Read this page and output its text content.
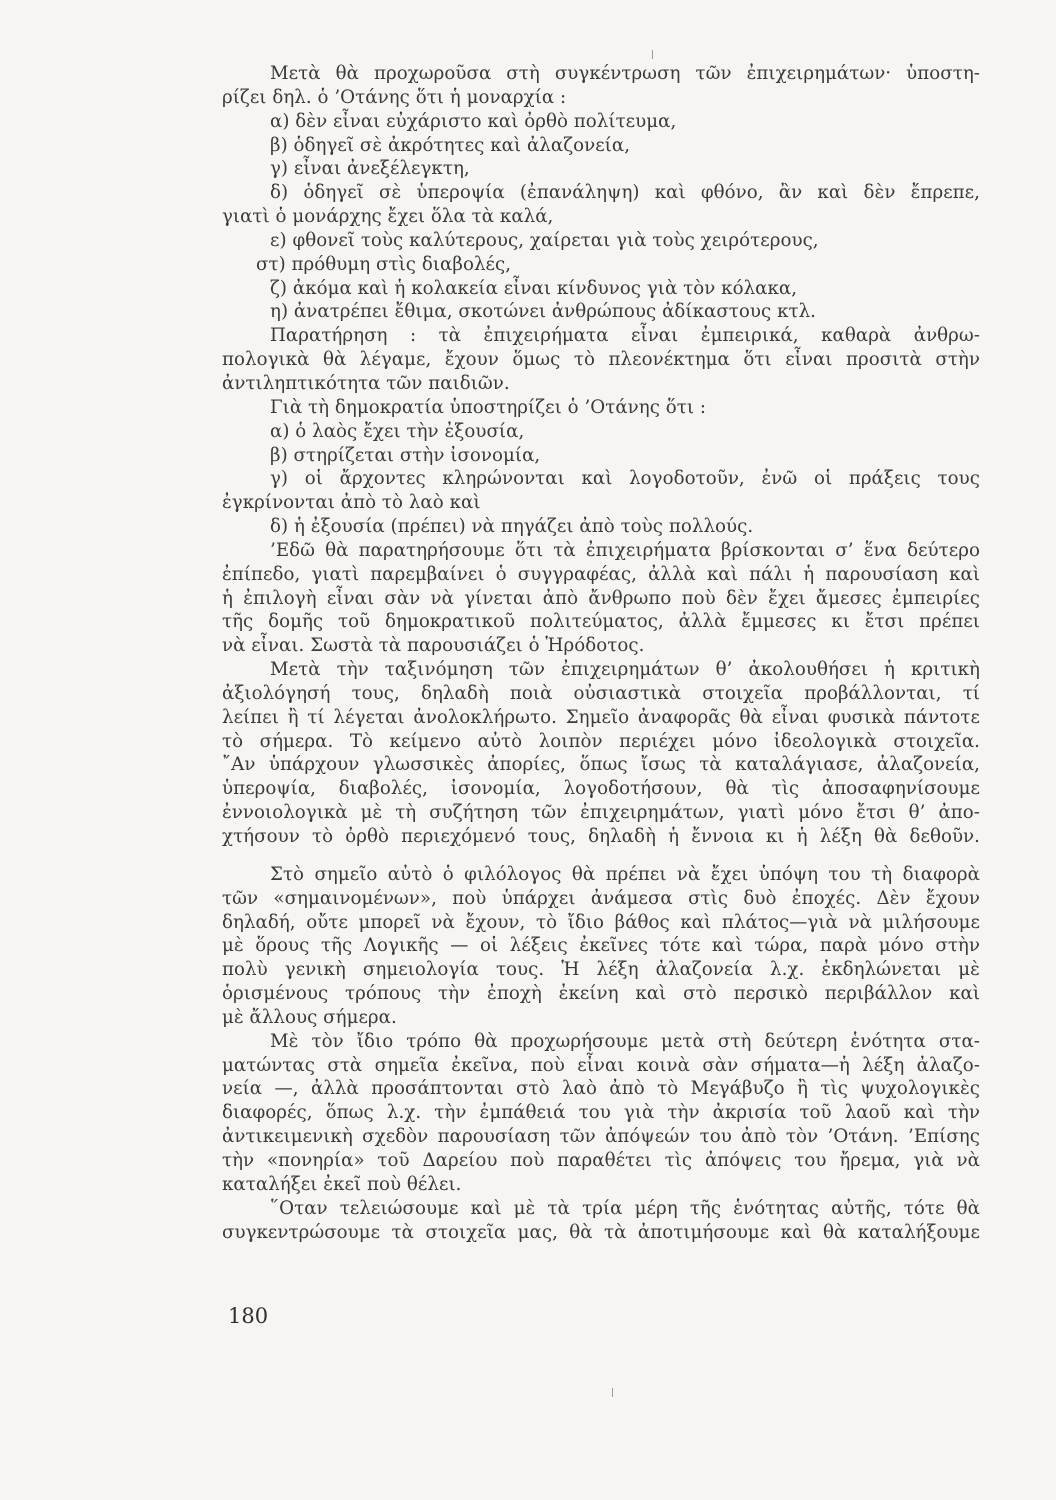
Μετὰ θὰ προχωροῦσα στὴ συγκέντρωση τῶν ἐπιχειρημάτων· ὑποστη-
ρίζει δηλ. ὁ ’Οτάνης ὅτι ἡ μοναρχία :
α) δὲν εἶναι εὐχάριστο καὶ ὀρθὸ πολίτευμα,
β) ὁδηγεῖ σὲ ἀκρότητες καὶ ἀλαζονεία,
γ) εἶναι ἀνεξέλεγκτη,
δ) ὁδηγεῖ σὲ ὑπεροψία (ἐπανάληψη) καὶ φθόνο, ἂν καὶ δὲν ἔπρεπε,
γιατὶ ὁ μονάρχης ἔχει ὅλα τὰ καλά,
ε) φθονεῖ τοὺς καλύτερους, χαίρεται γιὰ τοὺς χειρότερους,
στ) πρόθυμη στὶς διαβολές,
ζ) ἀκόμα καὶ ἡ κολακεία εἶναι κίνδυνος γιὰ τὸν κόλακα,
η) ἀνατρέπει ἔθιμα, σκοτώνει ἀνθρώπους ἀδίκαστους κτλ.
Παρατήρηση : τὰ ἐπιχειρήματα εἶναι ἐμπειρικά, καθαρὰ ἀνθρω-
πολογικὰ θὰ λέγαμε, ἔχουν ὅμως τὸ πλεονέκτημα ὅτι εἶναι προσιτὰ στὴν
ἀντιληπτικότητα τῶν παιδιῶν.
Γιὰ τὴ δημοκρατία ὑποστηρίζει ὁ ’Οτάνης ὅτι :
α) ὁ λαὸς ἔχει τὴν ἐξουσία,
β) στηρίζεται στὴν ἰσονομία,
γ) οἱ ἄρχοντες κληρώνονται καὶ λογοδοτοῦν, ἐνῶ οἱ πράξεις τους
ἐγκρίνονται ἀπὸ τὸ λαὸ καὶ
δ) ἡ ἐξουσία (πρέπει) νὰ πηγάζει ἀπὸ τοὺς πολλούς.
’Εδῶ θὰ παρατηρήσουμε ὅτι τὰ ἐπιχειρήματα βρίσκονται σ’ ἕνα δεύτερο
ἐπίπεδο, γιατὶ παρεμβαίνει ὁ συγγραφέας, ἀλλὰ καὶ πάλι ἡ παρουσίαση καὶ
ἡ ἐπιλογὴ εἶναι σὰν νὰ γίνεται ἀπὸ ἄνθρωπο ποὺ δὲν ἔχει ἄμεσες ἐμπειρίες
τῆς δομῆς τοῦ δημοκρατικοῦ πολιτεύματος, ἀλλὰ ἔμμεσες κι ἔτσι πρέπει
νὰ εἶναι. Σωστὰ τὰ παρουσιάζει ὁ Ἡρόδοτος.
Μετὰ τὴν ταξινόμηση τῶν ἐπιχειρημάτων θ’ ἀκολουθήσει ἡ κριτικὴ
ἀξιολόγησή τους, δηλαδὴ ποιὰ οὐσιαστικὰ στοιχεῖα προβάλλονται, τί
λείπει ἢ τί λέγεται ἀνολοκλήρωτο. Σημεῖο ἀναφορᾶς θὰ εἶναι φυσικὰ πάντοτε
τὸ σήμερα. Τὸ κείμενο αὐτὸ λοιπὸν περιέχει μόνο ἰδεολογικὰ στοιχεῖα.
῎Αν ὑπάρχουν γλωσσικὲς ἀπορίες, ὅπως ἴσως τὰ καταλάγιασε, ἀλαζονεία,
ὑπεροψία, διαβολές, ἰσονομία, λογοδοτήσουν, θὰ τὶς ἀποσαφηνίσουμε
ἐννοιολογικὰ μὲ τὴ συζήτηση τῶν ἐπιχειρημάτων, γιατὶ μόνο ἔτσι θ’ ἀπο-
χτήσουν τὸ ὀρθὸ περιεχόμενό τους, δηλαδὴ ἡ ἔννοια κι ἡ λέξη θὰ δεθοῦν.
Στὸ σημεῖο αὐτὸ ὁ φιλόλογος θὰ πρέπει νὰ ἔχει ὑπόψη του τὴ διαφορὰ
τῶν «σημαινομένων», ποὺ ὑπάρχει ἀνάμεσα στὶς δυὸ ἐποχές. Δὲν ἔχουν
δηλαδή, οὔτε μπορεῖ νὰ ἔχουν, τὸ ἴδιο βάθος καὶ πλάτος—γιὰ νὰ μιλήσουμε
μὲ ὅρους τῆς Λογικῆς — οἱ λέξεις ἐκεῖνες τότε καὶ τώρα, παρὰ μόνο στὴν
πολὺ γενικὴ σημειολογία τους. Ἡ λέξη ἀλαζονεία λ.χ. ἐκδηλώνεται μὲ
ὁρισμένους τρόπους τὴν ἐποχὴ ἐκείνη καὶ στὸ περσικὸ περιβάλλον καὶ
μὲ ἄλλους σήμερα.
Μὲ τὸν ἴδιο τρόπο θὰ προχωρήσουμε μετὰ στὴ δεύτερη ἑνότητα στα-
ματώντας στὰ σημεῖα ἐκεῖνα, ποὺ εἶναι κοινὰ σὰν σήματα—ἡ λέξη ἀλαζο-
νεία —, ἀλλὰ προσάπτονται στὸ λαὸ ἀπὸ τὸ Μεγάβυζο ἢ τὶς ψυχολογικὲς
διαφορές, ὅπως λ.χ. τὴν ἐμπάθειά του γιὰ τὴν ἀκρισία τοῦ λαοῦ καὶ τὴν
ἀντικειμενικὴ σχεδὸν παρουσίαση τῶν ἀπόψεών του ἀπὸ τὸν ’Οτάνη. ’Επίσης
τὴν «πονηρία» τοῦ Δαρείου ποὺ παραθέτει τὶς ἀπόψεις του ἤρεμα, γιὰ νὰ
καταλήξει ἐκεῖ ποὺ θέλει.
῞Οταν τελειώσουμε καὶ μὲ τὰ τρία μέρη τῆς ἑνότητας αὐτῆς, τότε θὰ
συγκεντρώσουμε τὰ στοιχεῖα μας, θὰ τὰ ἀποτιμήσουμε καὶ θὰ καταλήξουμε
180
